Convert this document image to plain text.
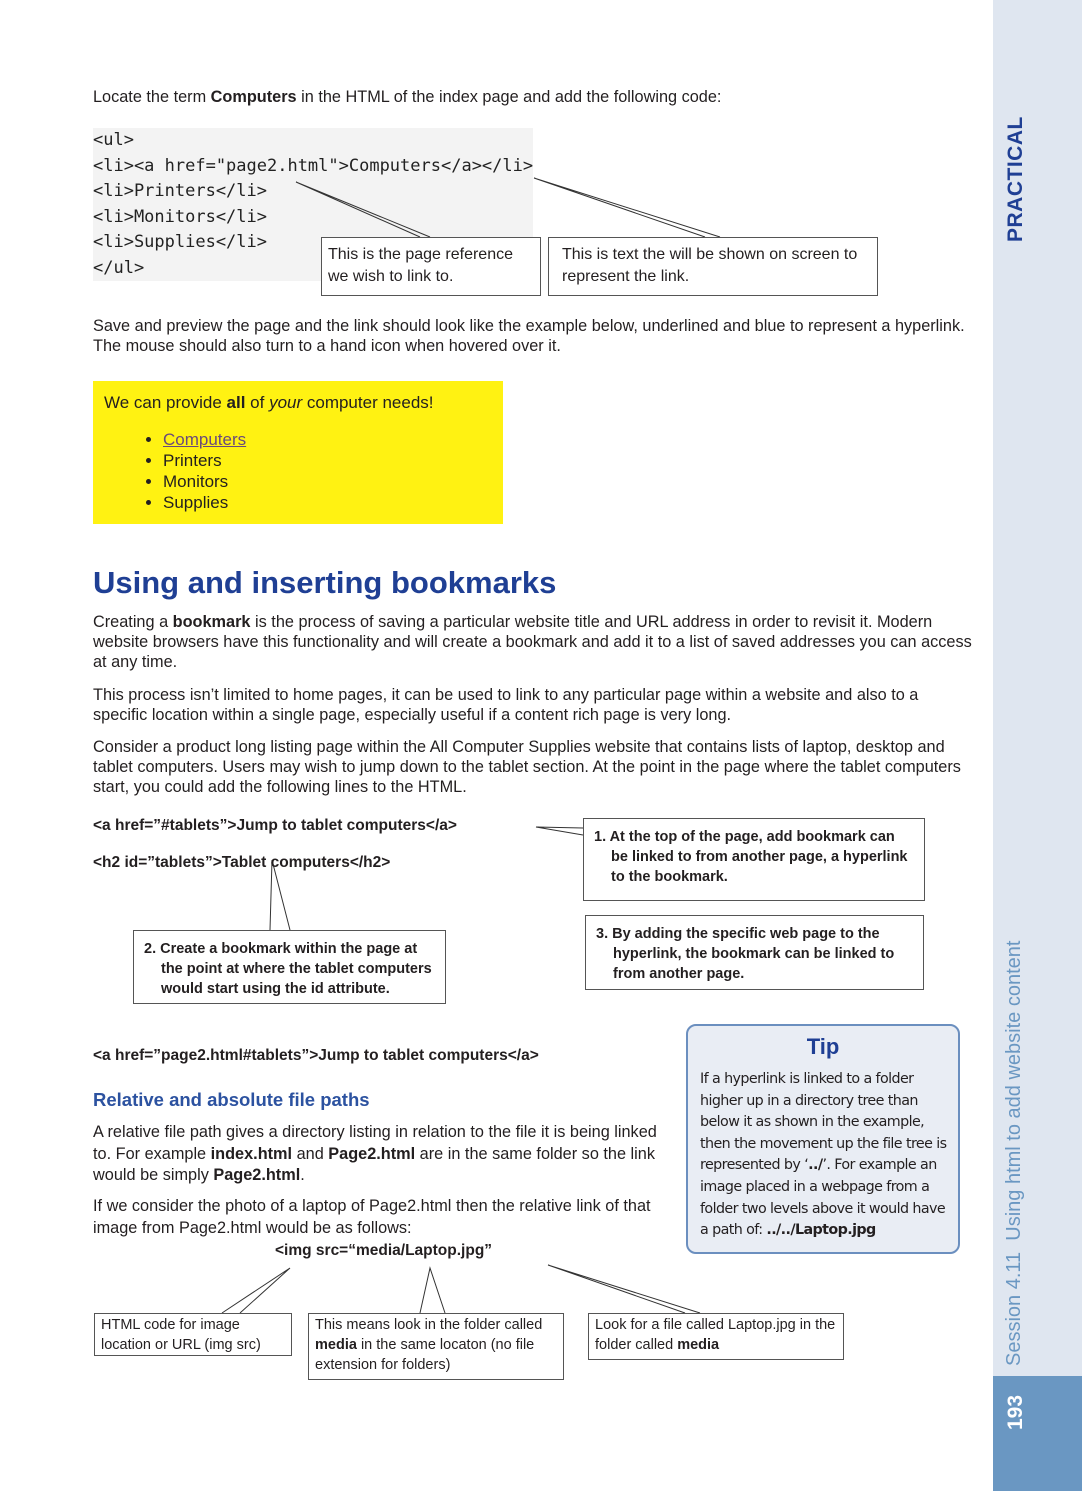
Locate the term Computers in the HTML of the index page and add the following code:
<ul>
<li><a href="page2.html">Computers</a></li>
<li>Printers</li>
<li>Monitors</li>
<li>Supplies</li>
</ul>
This is the page reference we wish to link to.
This is text the will be shown on screen to represent the link.
Save and preview the page and the link should look like the example below, underlined and blue to represent a hyperlink. The mouse should also turn to a hand icon when hovered over it.
We can provide all of your computer needs!
• Computers
• Printers
• Monitors
• Supplies
Using and inserting bookmarks
Creating a bookmark is the process of saving a particular website title and URL address in order to revisit it. Modern website browsers have this functionality and will create a bookmark and add it to a list of saved addresses you can access at any time.
This process isn’t limited to home pages, it can be used to link to any particular page within a website and also to a specific location within a single page, especially useful if a content rich page is very long.
Consider a product long listing page within the All Computer Supplies website that contains lists of laptop, desktop and tablet computers. Users may wish to jump down to the tablet section. At the point in the page where the tablet computers start, you could add the following lines to the HTML.
<a href=”#tablets”>Jump to tablet computers</a>
<h2 id=”tablets”>Tablet computers</h2>
1. At the top of the page, add bookmark can be linked to from another page, a hyperlink to the bookmark.
2. Create a bookmark within the page at the point at where the tablet computers would start using the id attribute.
3. By adding the specific web page to the hyperlink, the bookmark can be linked to from another page.
<a href=”page2.html#tablets”>Jump to tablet computers</a>
Relative and absolute file paths
A relative file path gives a directory listing in relation to the file it is being linked to. For example index.html and Page2.html are in the same folder so the link would be simply Page2.html.
If we consider the photo of a laptop of Page2.html then the relative link of that image from Page2.html would be as follows:
<img src=“media/Laptop.jpg”
HTML code for image location or URL (img src)
This means look in the folder called media in the same locaton (no file extension for folders)
Look for a file called Laptop.jpg in the folder called media
Tip
If a hyperlink is linked to a folder higher up in a directory tree than below it as shown in the example, then the movement up the file tree is represented by ‘../’. For example an image placed in a webpage from a folder two levels above it would have a path of: ../../Laptop.jpg
PRACTICAL
Session 4.11  Using html to add website content
193
